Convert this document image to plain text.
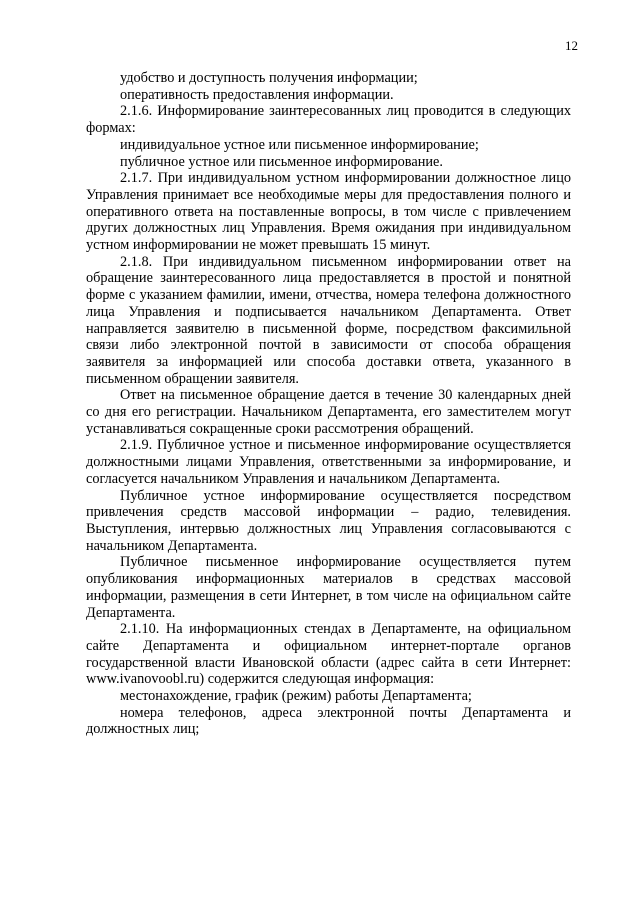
12

удобство и доступность получения информации;

оперативность предоставления информации.

2.1.6. Информирование заинтересованных лиц проводится в следующих формах:

индивидуальное устное или письменное информирование;

публичное устное или письменное информирование.

2.1.7. При индивидуальном устном информировании должностное лицо Управления принимает все необходимые меры для предоставления полного и оперативного ответа на поставленные вопросы, в том числе с привлечением других должностных лиц Управления. Время ожидания при индивидуальном устном информировании не может превышать 15 минут.

2.1.8. При индивидуальном письменном информировании ответ на обращение заинтересованного лица предоставляется в простой и понятной форме с указанием фамилии, имени, отчества, номера телефона должностного лица Управления и подписывается начальником Департамента. Ответ направляется заявителю в письменной форме, посредством факсимильной связи либо электронной почтой в зависимости от способа обращения заявителя за информацией или способа доставки ответа, указанного в письменном обращении заявителя.

Ответ на письменное обращение дается в течение 30 календарных дней со дня его регистрации. Начальником Департамента, его заместителем могут устанавливаться сокращенные сроки рассмотрения обращений.

2.1.9. Публичное устное и письменное информирование осуществляется должностными лицами Управления, ответственными за информирование, и согласуется начальником Управления и начальником Департамента.

Публичное устное информирование осуществляется посредством привлечения средств массовой информации – радио, телевидения. Выступления, интервью должностных лиц Управления согласовываются с начальником Департамента.

Публичное письменное информирование осуществляется путем опубликования информационных материалов в средствах массовой информации, размещения в сети Интернет, в том числе на официальном сайте Департамента.

2.1.10. На информационных стендах в Департаменте, на официальном сайте Департамента и официальном интернет-портале органов государственной власти Ивановской области (адрес сайта в сети Интернет: www.ivanovoobl.ru) содержится следующая информация:

местонахождение, график (режим) работы Департамента;

номера телефонов, адреса электронной почты Департамента и должностных лиц;
